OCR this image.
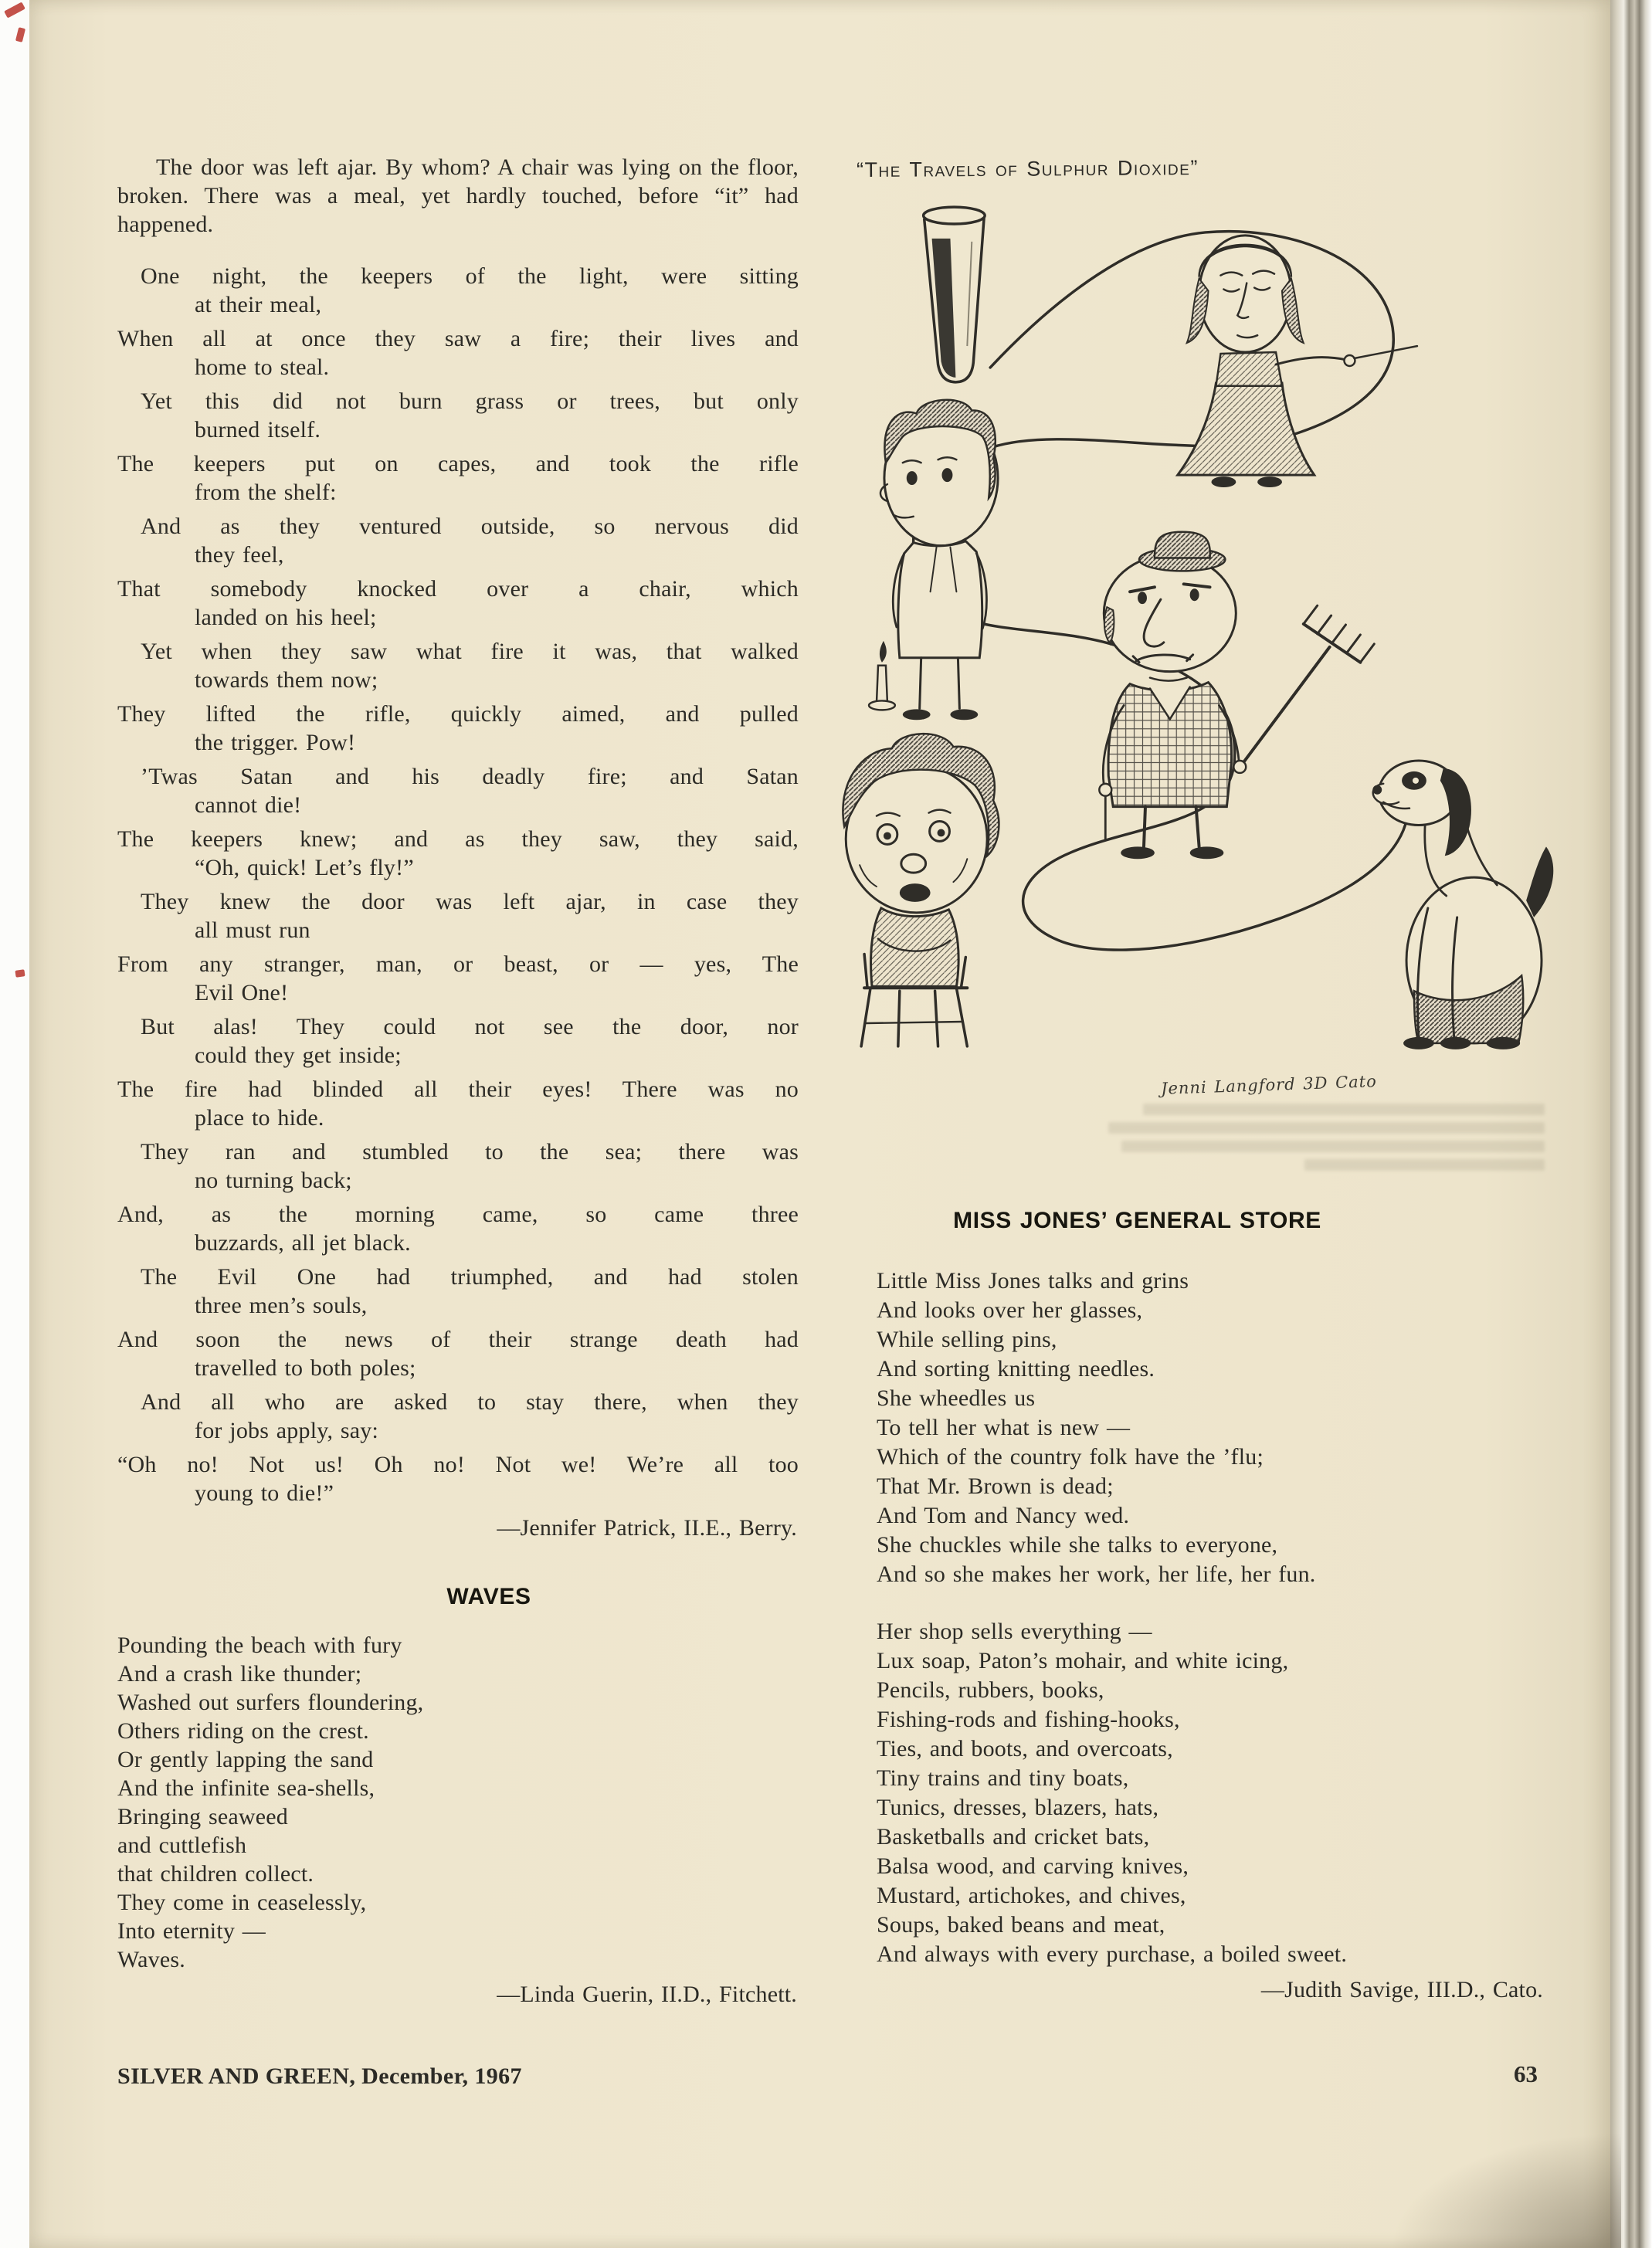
The door was left ajar. By whom? A chair was lying on the floor, broken. There was a meal, yet hardly touched, before “it” had happened.

One night, the keepers of the light, were sitting
at their meal,
When all at once they saw a fire; their lives and
home to steal.
Yet this did not burn grass or trees, but only
burned itself.
The keepers put on capes, and took the rifle
from the shelf:
And as they ventured outside, so nervous did
they feel,
That somebody knocked over a chair, which
landed on his heel;
Yet when they saw what fire it was, that walked
towards them now;
They lifted the rifle, quickly aimed, and pulled
the trigger. Pow!
’Twas Satan and his deadly fire; and Satan
cannot die!
The keepers knew; and as they saw, they said,
“Oh, quick! Let’s fly!”
They knew the door was left ajar, in case they
all must run
From any stranger, man, or beast, or — yes, The
Evil One!
But alas! They could not see the door, nor
could they get inside;
The fire had blinded all their eyes! There was no
place to hide.
They ran and stumbled to the sea; there was
no turning back;
And, as the morning came, so came three
buzzards, all jet black.
The Evil One had triumphed, and had stolen
three men’s souls,
And soon the news of their strange death had
travelled to both poles;
And all who are asked to stay there, when they
for jobs apply, say:
“Oh no! Not us! Oh no! Not we! We’re all too
young to die!”
—Jennifer Patrick, II.E., Berry.
WAVES
Pounding the beach with fury
And a crash like thunder;
Washed out surfers floundering,
Others riding on the crest.
Or gently lapping the sand
And the infinite sea-shells,
Bringing seaweed
and cuttlefish
that children collect.
They come in ceaselessly,
Into eternity —
Waves.
—Linda Guerin, II.D., Fitchett.
“The Travels of Sulphur Dioxide”
Jenni Langford 3D Cato
MISS JONES’ GENERAL STORE
Little Miss Jones talks and grins
And looks over her glasses,
While selling pins,
And sorting knitting needles.
She wheedles us
To tell her what is new —
Which of the country folk have the ’flu;
That Mr. Brown is dead;
And Tom and Nancy wed.
She chuckles while she talks to everyone,
And so she makes her work, her life, her fun.
Her shop sells everything —
Lux soap, Paton’s mohair, and white icing,
Pencils, rubbers, books,
Fishing-rods and fishing-hooks,
Ties, and boots, and overcoats,
Tiny trains and tiny boats,
Tunics, dresses, blazers, hats,
Basketballs and cricket bats,
Balsa wood, and carving knives,
Mustard, artichokes, and chives,
Soups, baked beans and meat,
And always with every purchase, a boiled sweet.
—Judith Savige, III.D., Cato.
SILVER AND GREEN, December, 1967	63
